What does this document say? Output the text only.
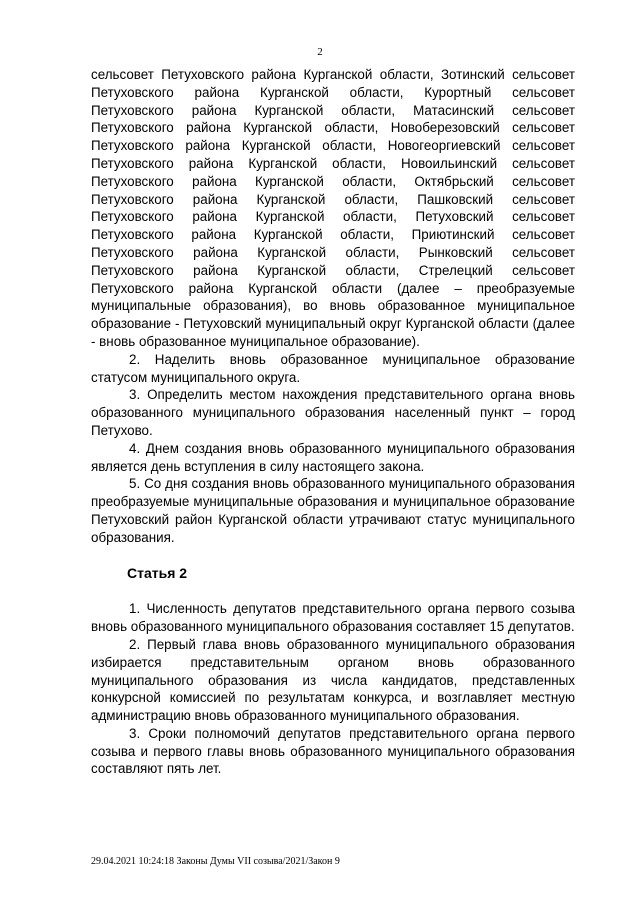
2

сельсовет Петуховского района Курганской области, Зотинский сельсовет Петуховского района Курганской области, Курортный сельсовет Петуховского района Курганской области, Матасинский сельсовет Петуховского района Курганской области, Новоберезовский сельсовет Петуховского района Курганской области, Новогеоргиевский сельсовет Петуховского района Курганской области, Новоильинский сельсовет Петуховского района Курганской области, Октябрьский сельсовет Петуховского района Курганской области, Пашковский сельсовет Петуховского района Курганской области, Петуховский сельсовет Петуховского района Курганской области, Приютинский сельсовет Петуховского района Курганской области, Рынковский сельсовет Петуховского района Курганской области, Стрелецкий сельсовет Петуховского района Курганской области (далее – преобразуемые муниципальные образования), во вновь образованное муниципальное образование - Петуховский муниципальный округ Курганской области (далее - вновь образованное муниципальное образование).

2. Наделить вновь образованное муниципальное образование статусом муниципального округа.

3. Определить местом нахождения представительного органа вновь образованного муниципального образования населенный пункт – город Петухово.

4. Днем создания вновь образованного муниципального образования является день вступления в силу настоящего закона.

5. Со дня создания вновь образованного муниципального образования преобразуемые муниципальные образования и муниципальное образование Петуховский район Курганской области утрачивают статус муниципального образования.

Статья 2

1. Численность депутатов представительного органа первого созыва вновь образованного муниципального образования составляет 15 депутатов.

2. Первый глава вновь образованного муниципального образования избирается представительным органом вновь образованного муниципального образования из числа кандидатов, представленных конкурсной комиссией по результатам конкурса, и возглавляет местную администрацию вновь образованного муниципального образования.

3. Сроки полномочий депутатов представительного органа первого созыва и первого главы вновь образованного муниципального образования составляют пять лет.

29.04.2021 10:24:18 Законы Думы VII созыва/2021/Закон 9
